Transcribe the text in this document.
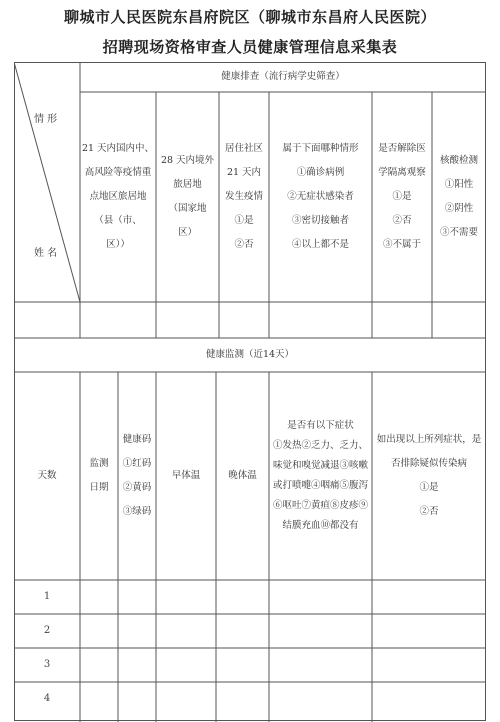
聊城市人民医院东昌府院区（聊城市东昌府人民医院）
招聘现场资格审查人员健康管理信息采集表
健康排查（流行病学史筛查）
情 形
姓 名
21 天内国内中、
高风险等疫情重
点地区旅居地
（县（市、
区））
28 天内境外
旅居地
（国家地
区）
居住社区
21 天内
发生疫情
①是
②否
属于下面哪种情形
①确诊病例
②无症状感染者
③密切接触者
④以上都不是
是否解除医
学隔离观察
①是
②否
③不属于
核酸检测
①阳性
②阴性
③不需要
健康监测（近14天）
天数
监测
日期
健康码
①红码
②黄码
③绿码
早体温	晚体温
是否有以下症状
①发热②乏力、乏力、
味觉和嗅觉减退③咳嗽
或打喷嚏④咽痛⑤腹泻
⑥呕吐⑦黄疸⑧皮疹⑨
结膜充血⑩都没有
如出现以上所列症状，是
否排除疑似传染病
①是
②否
1
2
3
4
